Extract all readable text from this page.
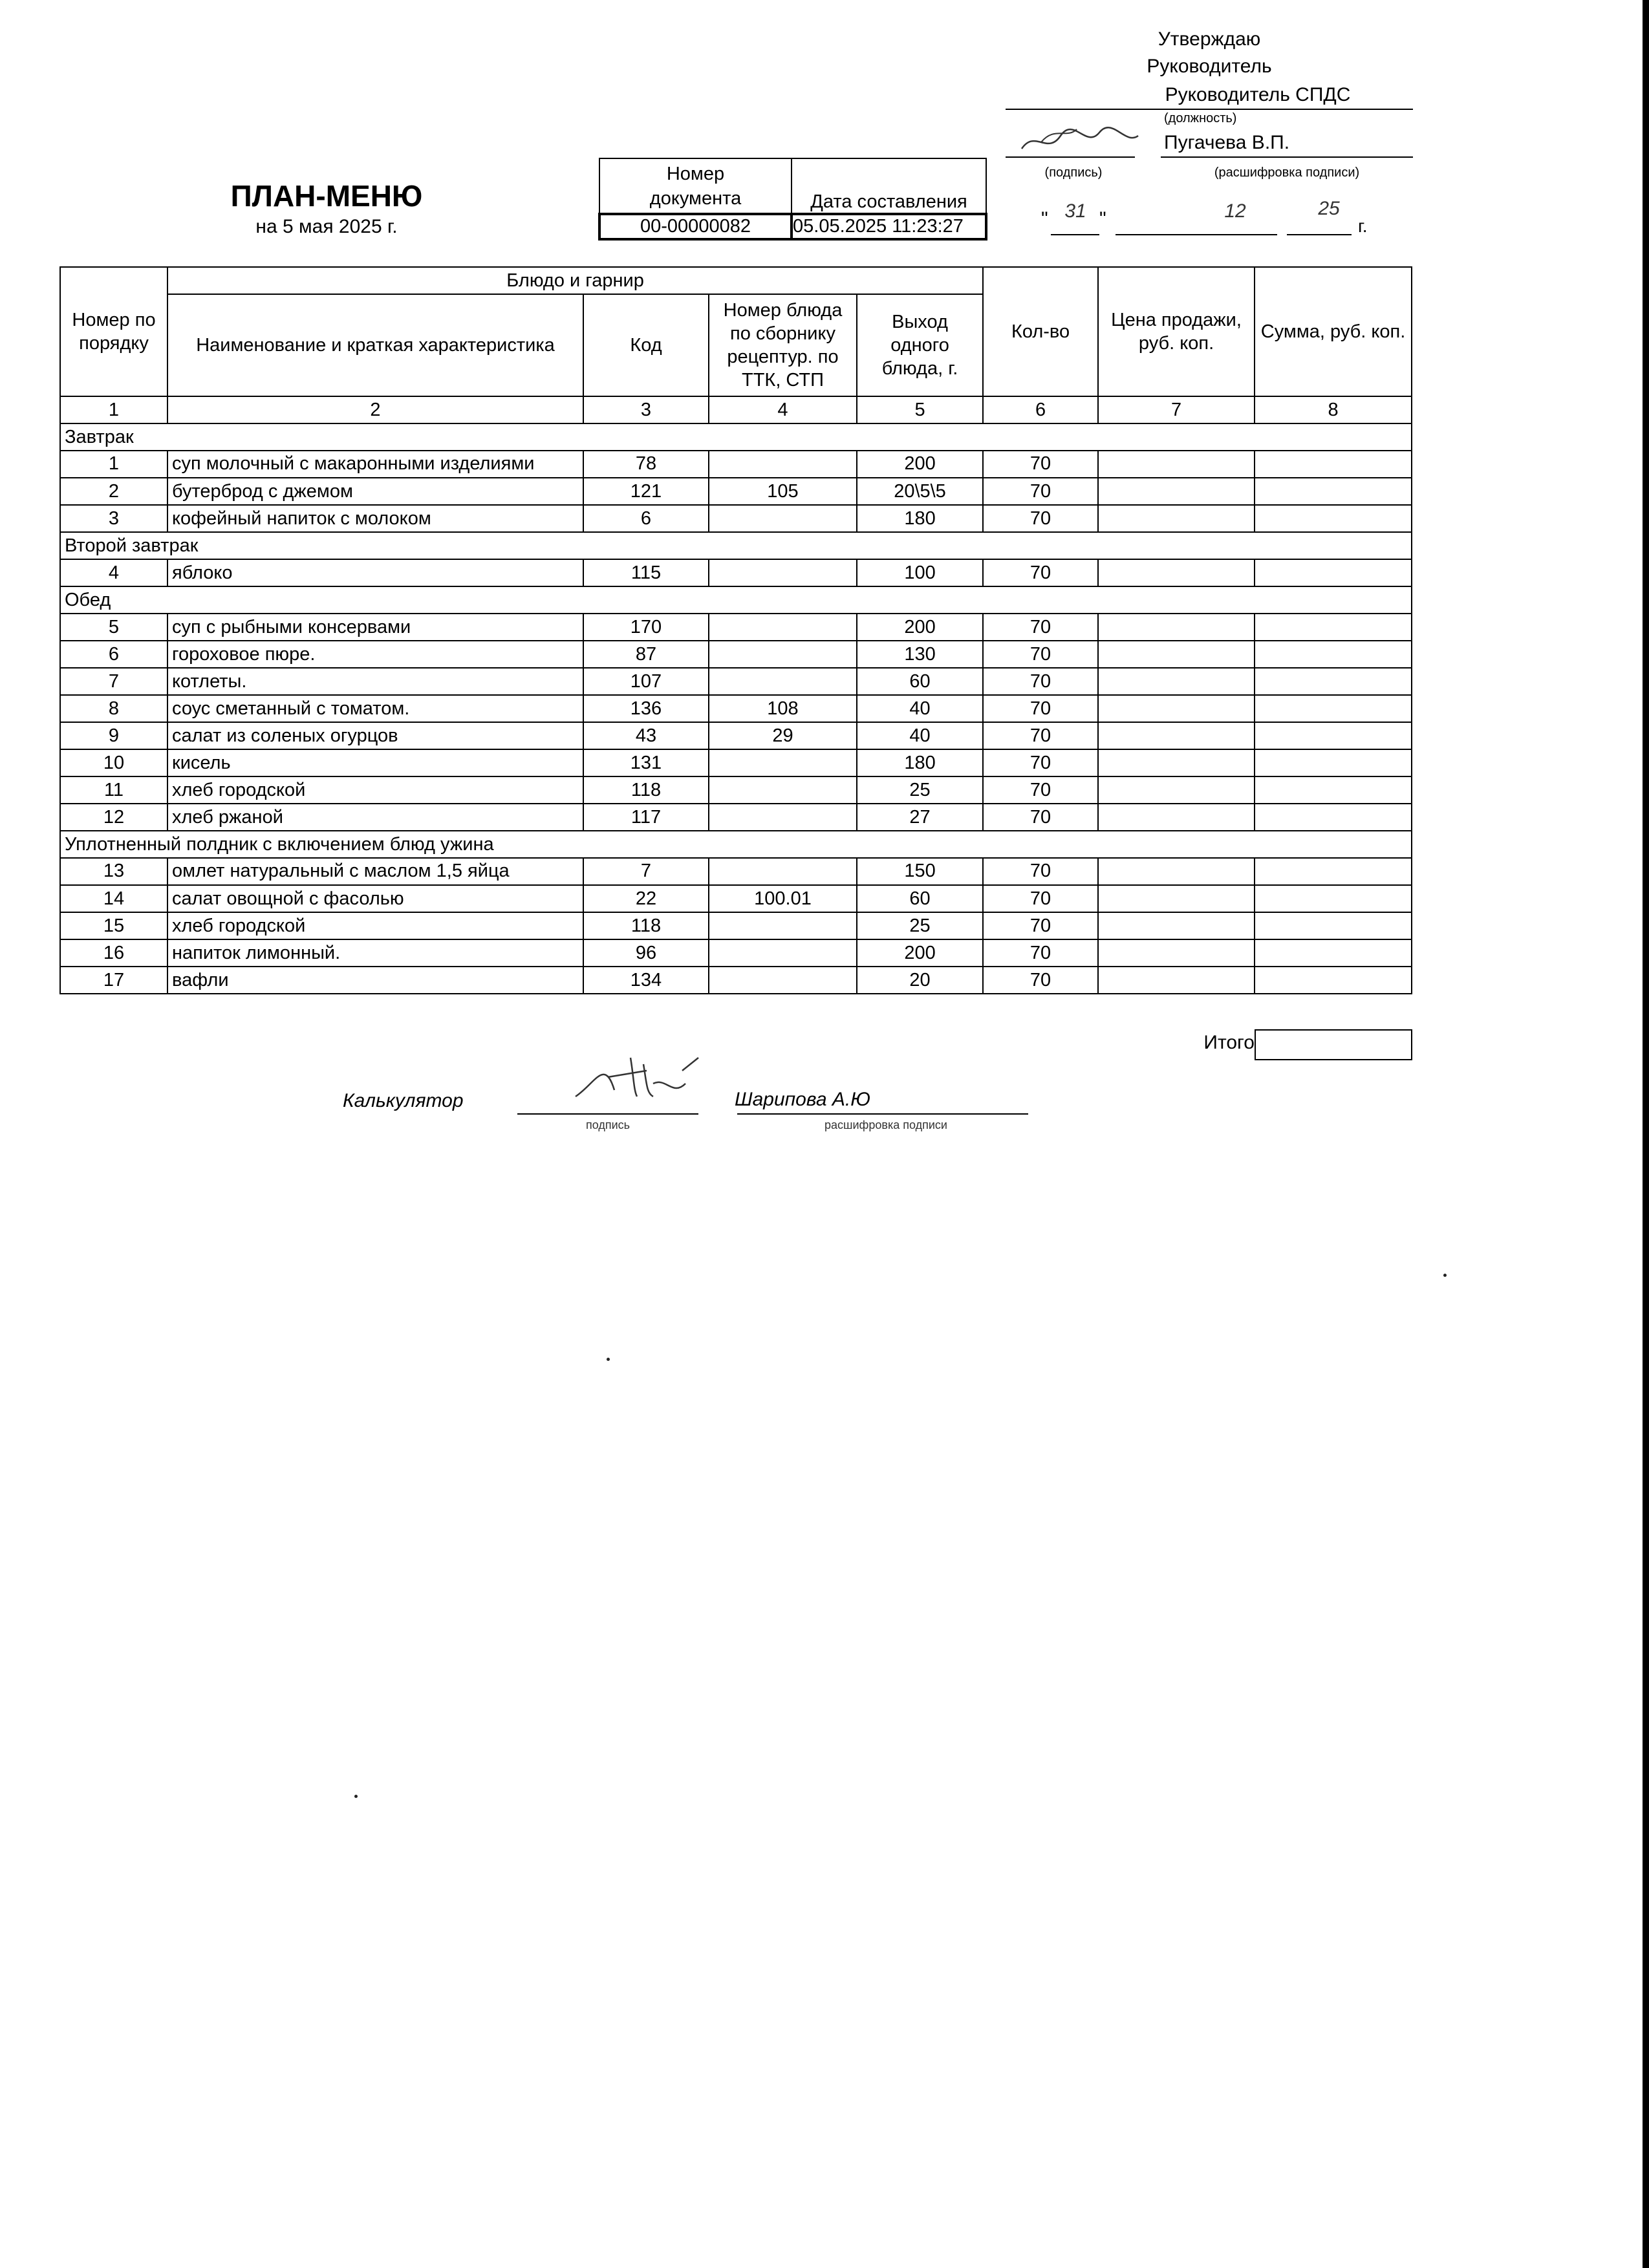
Утверждаю
Руководитель
Руководитель СПДС
(должность)
Пугачева В.П.
(подпись)	(расшифровка подписи)
" 31 "	12	25
г.
ПЛАН-МЕНЮ
на 5 мая 2025 г.
Номер
документа	Дата составления
00-00000082	05.05.2025 11:23:27
Номер по порядку	Блюдо и гарнир				Кол-во	Цена продажи, руб. коп.	Сумма, руб. коп.
	Наименование и краткая характеристика	Код	Номер блюда по сборнику рецептур. по ТТК, СТП	Выход одного блюда, г.			
1	2	3	4	5	6	7	8
Завтрак							
1	суп молочный с макаронными изделиями	78		200	70		
2	бутерброд с джемом	121	105	20\5\5	70		
3	кофейный напиток с молоком	6		180	70		
Второй завтрак							
4	яблоко	115		100	70		
Обед							
5	суп с рыбными консервами	170		200	70		
6	гороховое пюре.	87		130	70		
7	котлеты.	107		60	70		
8	соус сметанный с томатом.	136	108	40	70		
9	салат из соленых огурцов	43	29	40	70		
10	кисель	131		180	70		
11	хлеб городской	118		25	70		
12	хлеб ржаной	117		27	70		
Уплотненный полдник с включением блюд ужина							
13	омлет натуральный с маслом 1,5 яйца	7		150	70		
14	салат овощной с фасолью	22	100.01	60	70		
15	хлеб городской	118		25	70		
16	напиток лимонный.	96		200	70		
17	вафли	134		20	70		
Итого
Калькулятор	Шарипова А.Ю
подпись	расшифровка подписи
